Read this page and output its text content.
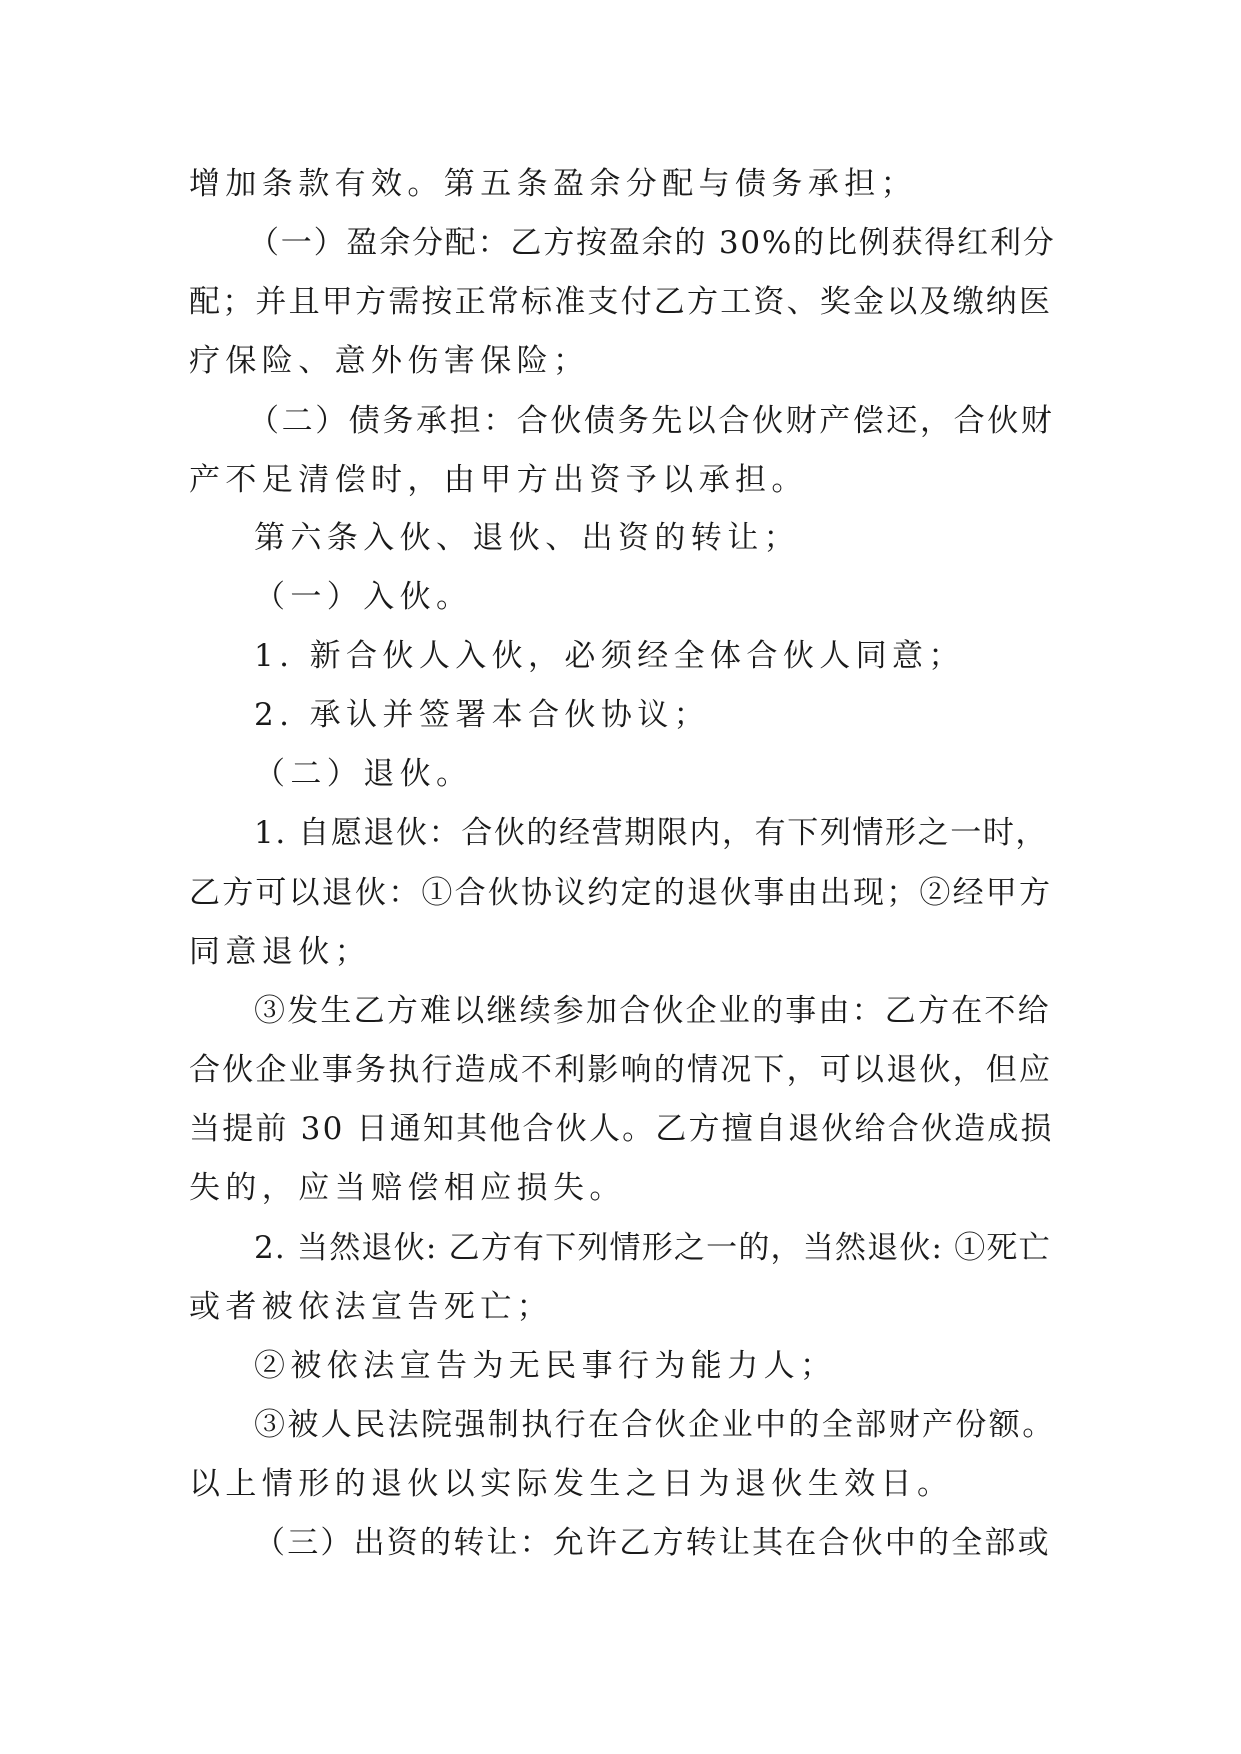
增加条款有效。第五条盈余分配与债务承担；
（一）盈余分配：乙方按盈余的 30%的比例获得红利分
配；并且甲方需按正常标准支付乙方工资、奖金以及缴纳医
疗保险、意外伤害保险；
（二）债务承担：合伙债务先以合伙财产偿还，合伙财
产不足清偿时，由甲方出资予以承担。
第六条入伙、退伙、出资的转让；
（一）入伙。
1. 新合伙人入伙，必须经全体合伙人同意；
2. 承认并签署本合伙协议；
（二）退伙。
1. 自愿退伙：合伙的经营期限内，有下列情形之一时，
乙方可以退伙：①合伙协议约定的退伙事由出现；②经甲方
同意退伙；
③发生乙方难以继续参加合伙企业的事由：乙方在不给
合伙企业事务执行造成不利影响的情况下，可以退伙，但应
当提前 30 日通知其他合伙人。乙方擅自退伙给合伙造成损
失的，应当赔偿相应损失。
2. 当然退伙: 乙方有下列情形之一的，当然退伙: ①死亡
或者被依法宣告死亡；
②被依法宣告为无民事行为能力人；
③被人民法院强制执行在合伙企业中的全部财产份额。
以上情形的退伙以实际发生之日为退伙生效日。
（三）出资的转让：允许乙方转让其在合伙中的全部或
